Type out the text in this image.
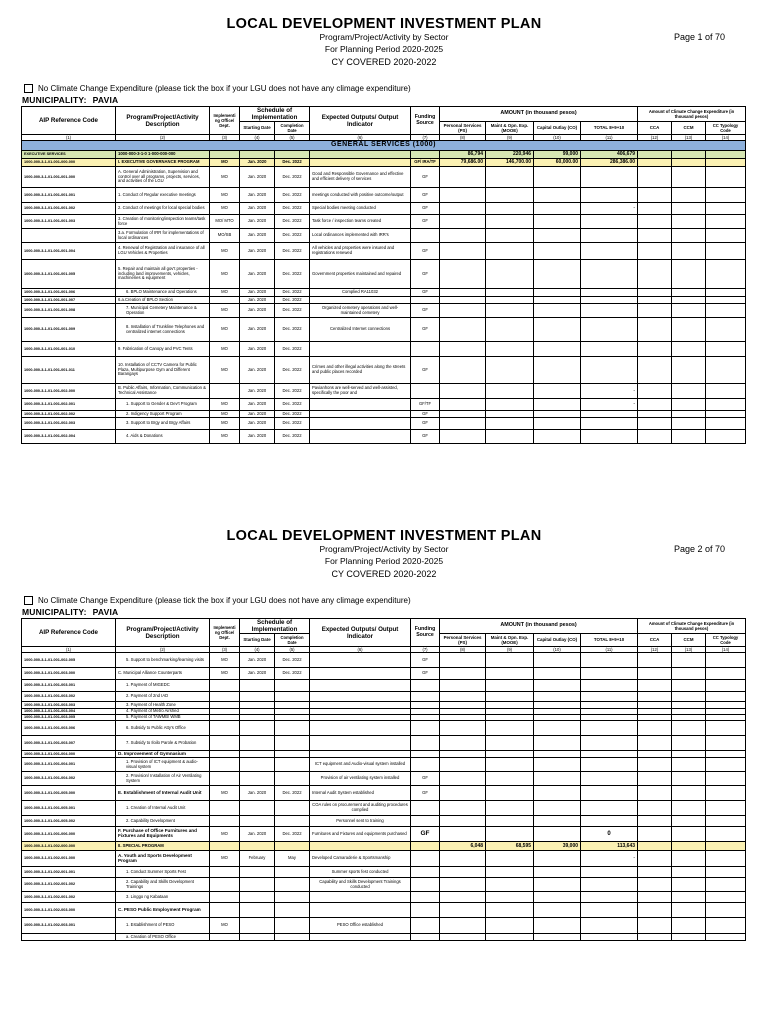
LOCAL DEVELOPMENT INVESTMENT PLAN
Program/Project/Activity by Sector
For Planning Period 2020-2025
CY COVERED 2020-2022
Page 1 of 70
No Climate Change Expenditure (please tick the box if your LGU does not have any climage expenditure)
MUNICIPALITY: PAVIA
AIP Reference Code	Program/Project/Activity Description	Implementi ng Office/ Dept.	Schedule of Implementation		Expected Outputs/ Output Indicator	Funding Source	AMOUNT (in thousand pesos)				Amount of Climate Change Expenditure (in thousand pesos)		
			Starting Date	Completion Date			Personal Services (PS)	Maint & Opn. Exp.(MOOE)	Capital Outlay (CO)	TOTAL 8+9+10	CCA	CCM	CC Typology Code
(1)	(2)	(3)	(4)	(5)	(6)	(7)	(8)	(9)	(10)	(11)	(12)	(13)	(14)
GENERAL SERVICES (1000)													
EXECUTIVE SERVICES	1000-000-3-1-0 1-000-000-000						86,794	220,946	99,000	406,679			
1000-000-3-1-01-001-000-000	I. EXECUTIVE GOVERNANCE PROGRAM	MO	Jan. 2020	Dec. 2022		GF/ IRA/TF	79,686.00	146,700.00	60,000.00	286,386.00			
1000-000-3-1-01-001-001-000	A. General Administration, Supervision and control over all programs, projects, services, and activities of the LGU	MO	Jan. 2020	Dec. 2022	Good and Responsible Governance and effective and efficient delivery of services	GF							
1000-000-3-1-01-001-001-001	1. Conduct of Regular executive meetings	MO	Jan. 2020	Dec. 2022	meetings conducted with positive outcome/output	GF							
1000-000-3-1-01-001-001-002	2. Conduct of meetings for local special bodies	MO	Jan. 2020	Dec. 2022	Special bodies meeting conducted	GF				-			
1000-000-3-1-01-001-001-003	3. Creation of monitoring/inspection teams/task force	MO/ MTO	Jan. 2020	Dec. 2022	Task force / inspection teams created	GF							
	3.a. Formulation of IRR for implementations of local ordinances	MO/SB	Jan. 2020	Dec. 2022	Local ordinances implemented with IRR's								
1000-000-3-1-01-001-001-004	4. Renewal of Registration and insurance of all LGU Vehicles & Properties	MO	Jan. 2020	Dec. 2022	All vehicles and properties were insured and registrations renewed	GF							
1000-000-3-1-01-001-001-005	5. Repair and maintain all gov't properties - including land improvements, vehicles, machineries & equipment	MO	Jan. 2020	Dec. 2022	Government properties maintained and repaired	GF							
1000-000-3-1-01-001-001-006	6. BPLO Maintenance and Operations	MO	Jan. 2020	Dec. 2022	Complied RA11032	GF							
1000-000-3-1-01-001-001-007	6.a.Creation of BPLO Section		Jan. 2020	Dec. 2022									
1000-000-3-1-01-001-001-008	7. Municipal Cemetery Maintenance & Operation	MO	Jan. 2020	Dec. 2022	Organized cemetery operations and well-maintained cemetery	GF							
1000-000-3-1-01-001-001-009	8. Installation of Trunkline Telephones and centralized internet connections	MO	Jan. 2020	Dec. 2022	Centralized Internet connections	GF							
1000-000-3-1-01-001-001-010	9. Fabrication of Canopy and PVC Tents	MO	Jan. 2020	Dec. 2022									
1000-000-3-1-01-001-001-011	10. Installation of CCTV Camera for Public Plaza, Multipurpose Gym and Different Barangays	MO	Jan. 2020	Dec. 2022	Crimes and other illegal activities along the streets and public places recorded	GF							
1000-000-3-1-01-001-002-000	B. Public Affairs, Information, Communication & Technical Assistance		Jan. 2020	Dec. 2022	Pavianhons are well-served and well-assisted, specifically the poor and					-			
1000-000-3-1-01-001-002-001	1. Support to Gender & Dev't Program	MO	Jan. 2020	Dec. 2022		GF/TF				-			
1000-000-3-1-01-001-002-002	2. Indigency Support Program	MO	Jan. 2020	Dec. 2022		GF							
1000-000-3-1-01-001-002-003	3. Support to Brgy and Brgy Affairs	MO	Jan. 2020	Dec. 2022		GF							
1000-000-3-1-01-001-002-004	4. Aids & Donations	MO	Jan. 2020	Dec. 2022		GF							
LOCAL DEVELOPMENT INVESTMENT PLAN
Program/Project/Activity by Sector
For Planning Period 2020-2025
CY COVERED 2020-2022
Page 2 of 70
No Climate Change Expenditure (please tick the box if your LGU does not have any climage expenditure)
MUNICIPALITY: PAVIA
AIP Reference Code	Program/Project/Activity Description	Implementi ng Office/ Dept.	Schedule of Implementation		Expected Outputs/ Output Indicator	Funding Source	AMOUNT (in thousand pesos)				Amount of Climate Change Expenditure (in thousand pesos)		
			Starting Date	Completion Date			Personal Services (PS)	Maint & Opn. Exp.(MOOE)	Capital Outlay (CO)	TOTAL 8+9+10	CCA	CCM	CC Typology Code
(1)	(2)	(3)	(4)	(5)	(6)	(7)	(8)	(9)	(10)	(11)	(12)	(13)	(14)
1000-000-3-1-01-001-002-005	5. Support to benchmarking/learning visits	MO	Jan. 2020	Dec. 2022		GF							
1000-000-3-1-01-001-003-000	C. Municipal Alliance Counterparts	MO	Jan. 2020	Dec. 2022		GF							
1000-000-3-1-01-001-003-001	1. Payment of MIGEDC												
1000-000-3-1-01-001-003-002	2. Payment of 2nd IAD												
1000-000-3-1-01-001-003-003	3. Payment of Health Zone												
1000-000-3-1-01-001-003-004	4. Payment of Metro Airshed												
1000-000-3-1-01-001-003-005	5. Payment of TAWMB/ WMB												
1000-000-3-1-01-001-003-006	6. Subsidy to Public Atty's Office												
1000-000-3-1-01-001-003-007	7. Subsidy to Iloilo Parole & Probation												
1000-000-3-1-01-001-004-000	D. Improvement of Gymnasium												
1000-000-3-1-01-001-004-001	1. Provision of ICT equipment & audio-visual system				ICT equipment and Audio-visual system installed								
1000-000-3-1-01-001-004-002	2. Provision/ Installation of Air Ventilating System				Provision of air ventilating system installed	GF							
1000-000-3-1-01-001-005-000	E. Establishment of Internal Audit Unit	MO	Jan. 2020	Dec. 2022	Internal Audit System established	GF							
1000-000-3-1-01-001-005-001	1. Creation of Internal Audit Unit				COA rules on procurement and auditing procedures complied								
1000-000-3-1-01-001-005-002	2. Capability Development				Personnel sent to training								
1000-000-3-1-01-001-006-000	F. Purchase of Office Furnitures and Fixtures and Equipments	MO	Jan. 2020	Dec. 2022	Furnitures and Fixtures and equipments purchased	GF				0			
1000-000-3-1-01-002-000-000	II. SPECIAL PROGRAM						6,048	68,595	39,000	113,643			
1000-000-3-1-01-002-001-000	A. Youth and Sports Development Program	MO	February	May	Developed Camaraderie & Sportsmanship					-			
1000-000-3-1-01-002-001-001	1. Conduct Summer Sports Fest				Summer sports fest conducted								
1000-000-3-1-01-002-001-002	2. Capability and Skills Development Trainings				Capability and Skills Development Trainings conducted								
1000-000-3-1-01-002-001-002	3. Linggo ng Kabataan												
1000-000-3-1-01-002-003-000	C. PESO Public Employment Program												
1000-000-3-1-01-002-003-001	1. Establishment of PESO	MO			PESO Office established								
	a. Creation of PESO Office												
